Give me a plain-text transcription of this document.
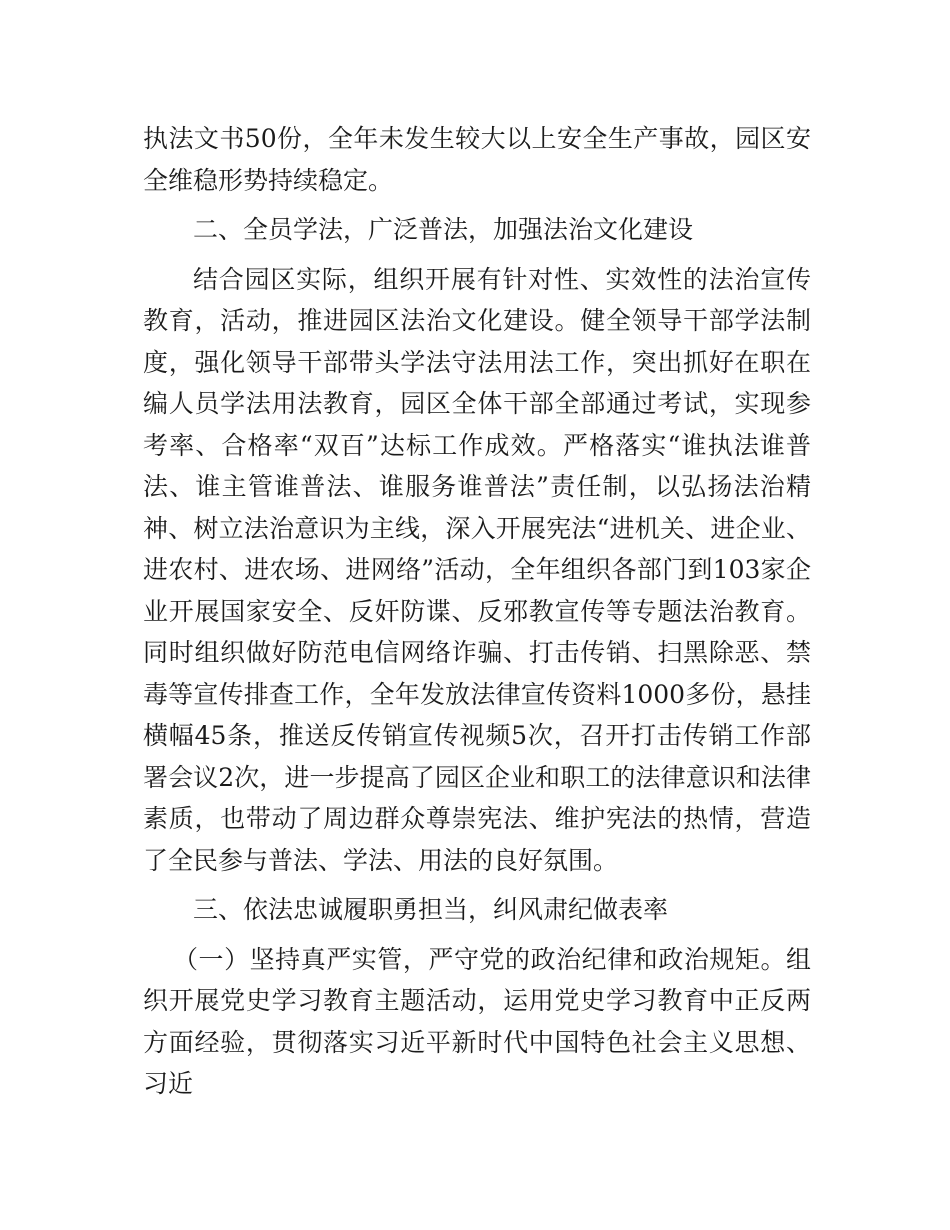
执法文书50份，全年未发生较大以上安全生产事故，园区安全维稳形势持续稳定。

二、全员学法，广泛普法，加强法治文化建设

结合园区实际，组织开展有针对性、实效性的法治宣传教育，活动，推进园区法治文化建设。健全领导干部学法制度，强化领导干部带头学法守法用法工作，突出抓好在职在编人员学法用法教育，园区全体干部全部通过考试，实现参考率、合格率“双百”达标工作成效。严格落实“谁执法谁普法、谁主管谁普法、谁服务谁普法”责任制，以弘扬法治精神、树立法治意识为主线，深入开展宪法“进机关、进企业、进农村、进农场、进网络”活动，全年组织各部门到103家企业开展国家安全、反奸防谍、反邪教宣传等专题法治教育。同时组织做好防范电信网络诈骗、打击传销、扫黑除恶、禁毒等宣传排查工作，全年发放法律宣传资料1000多份，悬挂横幅45条，推送反传销宣传视频5次，召开打击传销工作部署会议2次，进一步提高了园区企业和职工的法律意识和法律素质，也带动了周边群众尊崇宪法、维护宪法的热情，营造了全民参与普法、学法、用法的良好氛围。

三、依法忠诚履职勇担当，纠风肃纪做表率

（一）坚持真严实管，严守党的政治纪律和政治规矩。组织开展党史学习教育主题活动，运用党史学习教育中正反两方面经验，贯彻落实习近平新时代中国特色社会主义思想、习近
